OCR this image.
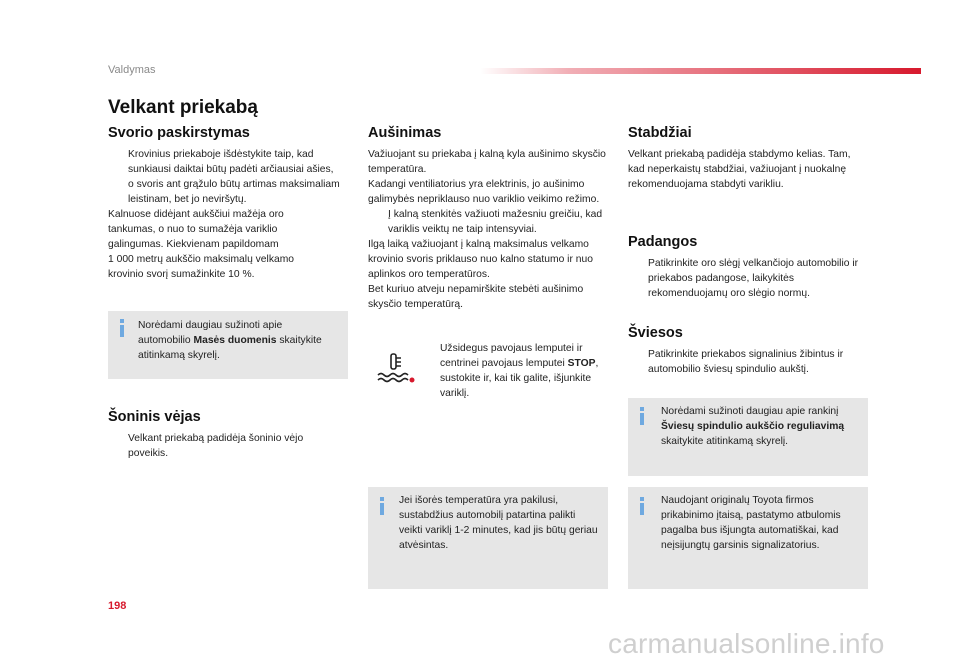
Valdymas
Velkant priekabą
Svorio paskirstymas
Krovinius priekaboje išdėstykite taip, kad sunkiausi daiktai būtų padėti arčiausiai ašies, o svoris ant grąžulo būtų artimas maksimaliam leistinam, bet jo neviršytų.
Kalnuose didėjant aukščiui mažėja oro
tankumas, o nuo to sumažėja variklio
galingumas. Kiekvienam papildomam
1 000 metrų aukščio maksimalų velkamo
krovinio svorį sumažinkite 10 %.
Norėdami daugiau sužinoti apie automobilio Masės duomenis skaitykite atitinkamą skyrelį.
Šoninis vėjas
Velkant priekabą padidėja šoninio vėjo poveikis.
Aušinimas
Važiuojant su priekaba į kalną kyla aušinimo skysčio temperatūra.
Kadangi ventiliatorius yra elektrinis, jo aušinimo galimybės nepriklauso nuo variklio veikimo režimo.
Į kalną stenkitės važiuoti mažesniu greičiu, kad variklis veiktų ne taip intensyviai.
Ilgą laiką važiuojant į kalną maksimalus velkamo krovinio svoris priklauso nuo kalno statumo ir nuo aplinkos oro temperatūros.
Bet kuriuo atveju nepamirškite stebėti aušinimo skysčio temperatūrą.
Užsidegus pavojaus lemputei ir centrinei pavojaus lemputei STOP, sustokite ir, kai tik galite, išjunkite variklį.
Jei išorės temperatūra yra pakilusi, sustabdžius automobilį patartina palikti veikti variklį 1-2 minutes, kad jis būtų geriau atvėsintas.
Stabdžiai
Velkant priekabą padidėja stabdymo kelias. Tam, kad neperkaistų stabdžiai, važiuojant į nuokalnę rekomenduojama stabdyti varikliu.
Padangos
Patikrinkite oro slėgį velkančiojo automobilio ir priekabos padangose, laikykitės rekomenduojamų oro slėgio normų.
Šviesos
Patikrinkite priekabos signalinius žibintus ir automobilio šviesų spindulio aukštį.
Norėdami sužinoti daugiau apie rankinį Šviesų spindulio aukščio reguliavimą skaitykite atitinkamą skyrelį.
Naudojant originalų Toyota firmos prikabinimo įtaisą, pastatymo atbulomis pagalba bus išjungta automatiškai, kad neįsijungtų garsinis signalizatorius.
198
carmanualsonline.info
